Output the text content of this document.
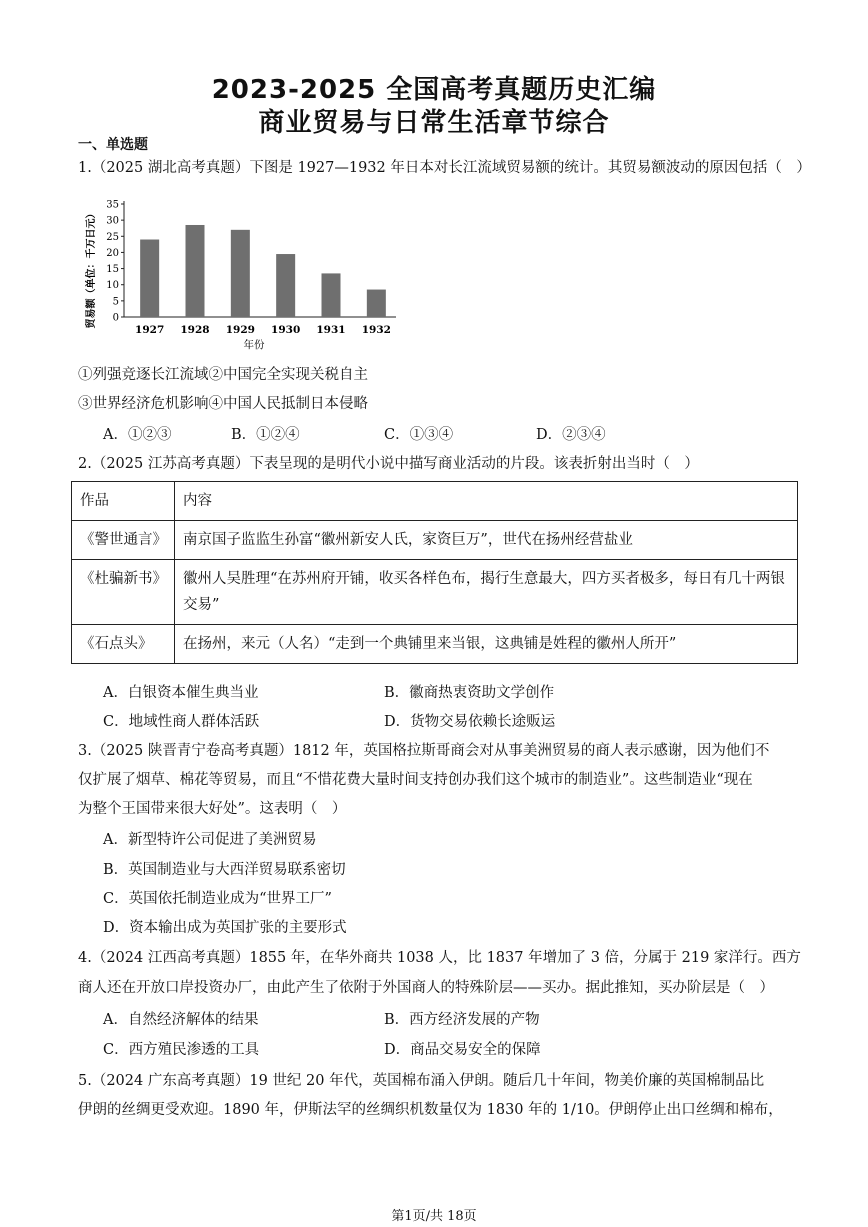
2023-2025 全国高考真题历史汇编
商业贸易与日常生活章节综合
一、单选题
1.（2025 湖北高考真题）下图是 1927—1932 年日本对长江流域贸易额的统计。其贸易额波动的原因包括（　）
0
5
10
15
20
25
30
35
1927 1928 1929 1930 1931 1932
年份
贸易额（单位：千万日元）
①列强竞逐长江流域②中国完全实现关税自主
③世界经济危机影响④中国人民抵制日本侵略
A．①②③	B．①②④	C．①③④	D．②③④
2.（2025 江苏高考真题）下表呈现的是明代小说中描写商业活动的片段。该表折射出当时（　）
作品	内容
《警世通言》	南京国子监监生孙富“徽州新安人氏，家资巨万”，世代在扬州经营盐业
《杜骗新书》	徽州人吴胜理“在苏州府开铺，收买各样色布，揭行生意最大，四方买者极多，每日有几十两银交易”
《石点头》	在扬州，来元（人名）“走到一个典铺里来当银，这典铺是姓程的徽州人所开”
A．白银资本催生典当业	B．徽商热衷资助文学创作
C．地域性商人群体活跃	D．货物交易依赖长途贩运
3.（2025 陕晋青宁卷高考真题）1812 年，英国格拉斯哥商会对从事美洲贸易的商人表示感谢，因为他们不
仅扩展了烟草、棉花等贸易，而且“不惜花费大量时间支持创办我们这个城市的制造业”。这些制造业“现在
为整个王国带来很大好处”。这表明（　）
A．新型特许公司促进了美洲贸易
B．英国制造业与大西洋贸易联系密切
C．英国依托制造业成为“世界工厂”
D．资本输出成为英国扩张的主要形式
4.（2024 江西高考真题）1855 年，在华外商共 1038 人，比 1837 年增加了 3 倍，分属于 219 家洋行。西方
商人还在开放口岸投资办厂，由此产生了依附于外国商人的特殊阶层——买办。据此推知，买办阶层是（　）
A．自然经济解体的结果	B．西方经济发展的产物
C．西方殖民渗透的工具	D．商品交易安全的保障
5.（2024 广东高考真题）19 世纪 20 年代，英国棉布涌入伊朗。随后几十年间，物美价廉的英国棉制品比
伊朗的丝绸更受欢迎。1890 年，伊斯法罕的丝绸织机数量仅为 1830 年的 1/10。伊朗停止出口丝绸和棉布，
第1页/共 18页
